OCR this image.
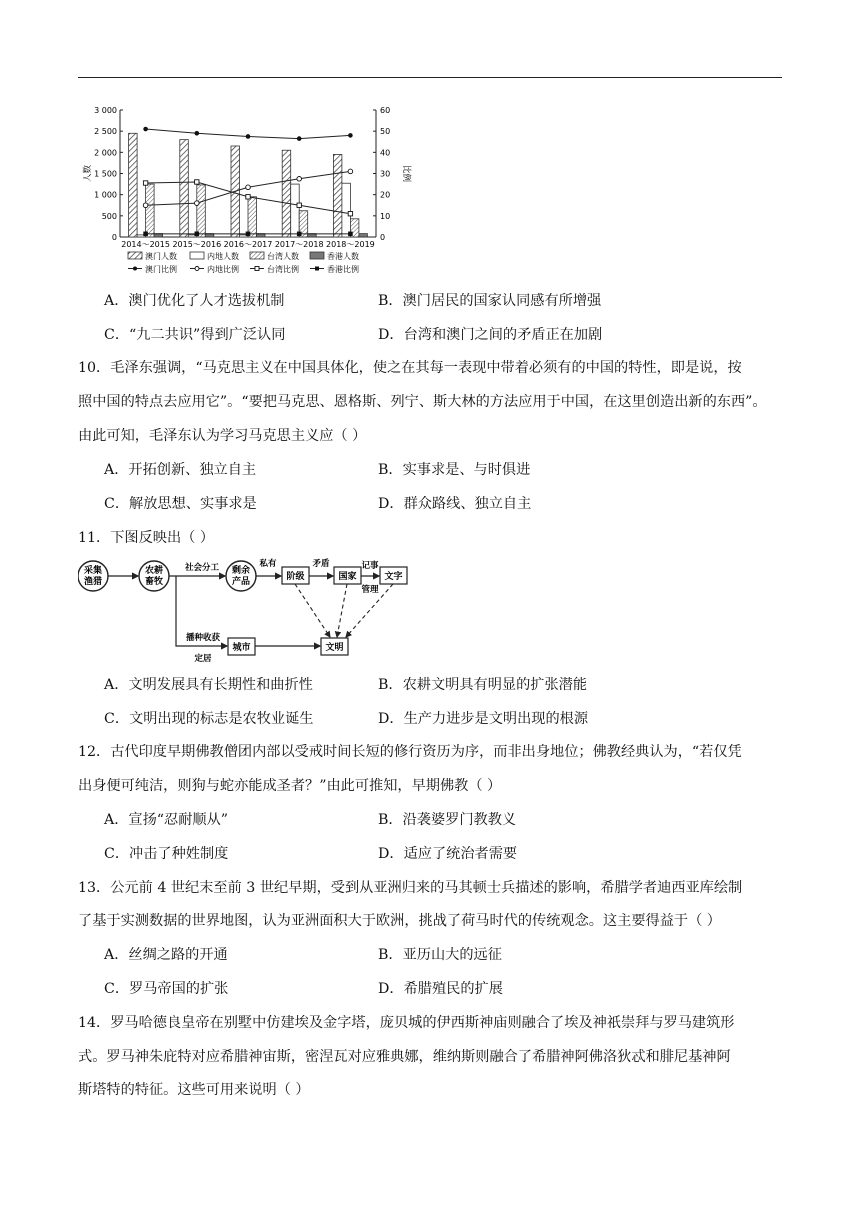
0
500
1 000
1 500
2 000
2 500
3 000
0
10
20
30
40
50
60
2014～2015 2015～2016 2016～2017 2017～2018 2018～2019
人数	比例
澳门人数	内地人数	台湾人数	香港人数
澳门比例	内地比例	台湾比例	香港比例
A．澳门优化了人才选拔机制	B．澳门居民的国家认同感有所增强
C．“九二共识”得到广泛认同	D．台湾和澳门之间的矛盾正在加剧
10．毛泽东强调，“马克思主义在中国具体化，使之在其每一表现中带着必须有的中国的特性，即是说，按
照中国的特点去应用它”。“要把马克思、恩格斯、列宁、斯大林的方法应用于中国，在这里创造出新的东西”。
由此可知，毛泽东认为学习马克思主义应（ ）
A．开拓创新、独立自主	B．实事求是、与时俱进
C．解放思想、实事求是	D．群众路线、独立自主
11．下图反映出（ ）
采集
渔猎
农耕
畜牧
剩余
产品	阶级	国家	文字
城市	文明
社会分工	私有	矛盾	记事
管理
播种收获
定居
A．文明发展具有长期性和曲折性	B．农耕文明具有明显的扩张潜能
C．文明出现的标志是农牧业诞生	D．生产力进步是文明出现的根源
12．古代印度早期佛教僧团内部以受戒时间长短的修行资历为序，而非出身地位；佛教经典认为，“若仅凭
出身便可纯洁，则狗与蛇亦能成圣者？”由此可推知，早期佛教（ ）
A．宣扬“忍耐顺从”	B．沿袭婆罗门教教义
C．冲击了种姓制度	D．适应了统治者需要
13．公元前 4 世纪末至前 3 世纪早期，受到从亚洲归来的马其顿士兵描述的影响，希腊学者迪西亚库绘制
了基于实测数据的世界地图，认为亚洲面积大于欧洲，挑战了荷马时代的传统观念。这主要得益于（ ）
A．丝绸之路的开通	B．亚历山大的远征
C．罗马帝国的扩张	D．希腊殖民的扩展
14．罗马哈德良皇帝在别墅中仿建埃及金字塔，庞贝城的伊西斯神庙则融合了埃及神祇崇拜与罗马建筑形
式。罗马神朱庇特对应希腊神宙斯，密涅瓦对应雅典娜，维纳斯则融合了希腊神阿佛洛狄忒和腓尼基神阿
斯塔特的特征。这些可用来说明（ ）
